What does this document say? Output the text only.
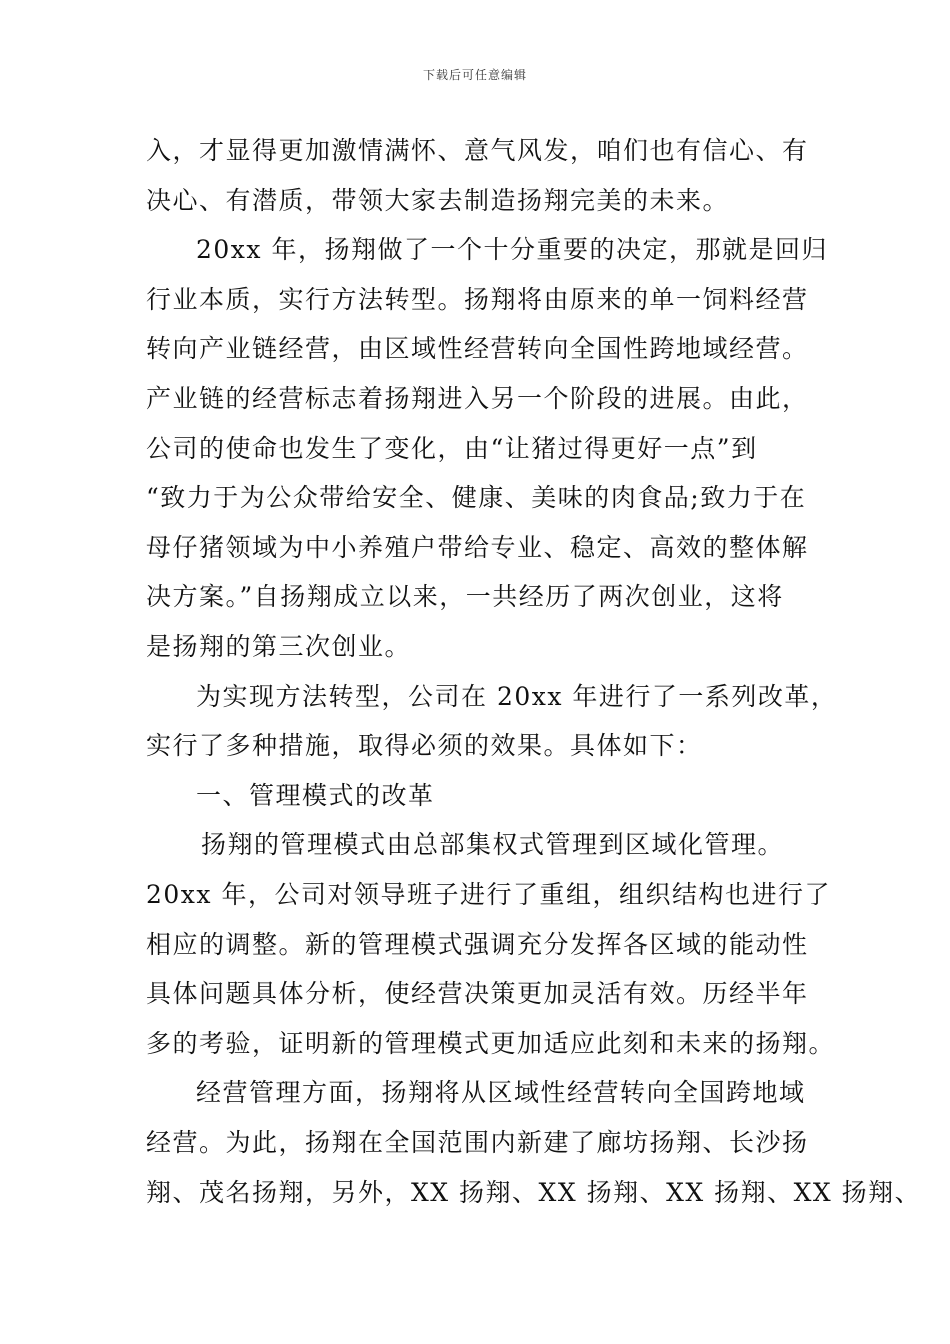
下载后可任意编辑
入，才显得更加激情满怀、意气风发，咱们也有信心、有
决心、有潜质，带领大家去制造扬翔完美的未来。
20xx 年，扬翔做了一个十分重要的决定，那就是回归
行业本质，实行方法转型。扬翔将由原来的单一饲料经营
转向产业链经营，由区域性经营转向全国性跨地域经营。
产业链的经营标志着扬翔进入另一个阶段的进展。由此，
公司的使命也发生了变化，由“让猪过得更好一点”到
“致力于为公众带给安全、健康、美味的肉食品;致力于在
母仔猪领域为中小养殖户带给专业、稳定、高效的整体解
决方案。”自扬翔成立以来，一共经历了两次创业，这将
是扬翔的第三次创业。
为实现方法转型，公司在 20xx 年进行了一系列改革，
实行了多种措施，取得必须的效果。具体如下：
一、管理模式的改革
扬翔的管理模式由总部集权式管理到区域化管理。
20xx 年，公司对领导班子进行了重组，组织结构也进行了
相应的调整。新的管理模式强调充分发挥各区域的能动性
具体问题具体分析，使经营决策更加灵活有效。历经半年
多的考验，证明新的管理模式更加适应此刻和未来的扬翔。
经营管理方面，扬翔将从区域性经营转向全国跨地域
经营。为此，扬翔在全国范围内新建了廊坊扬翔、长沙扬
翔、茂名扬翔，另外，XX 扬翔、XX 扬翔、XX 扬翔、XX 扬翔、
